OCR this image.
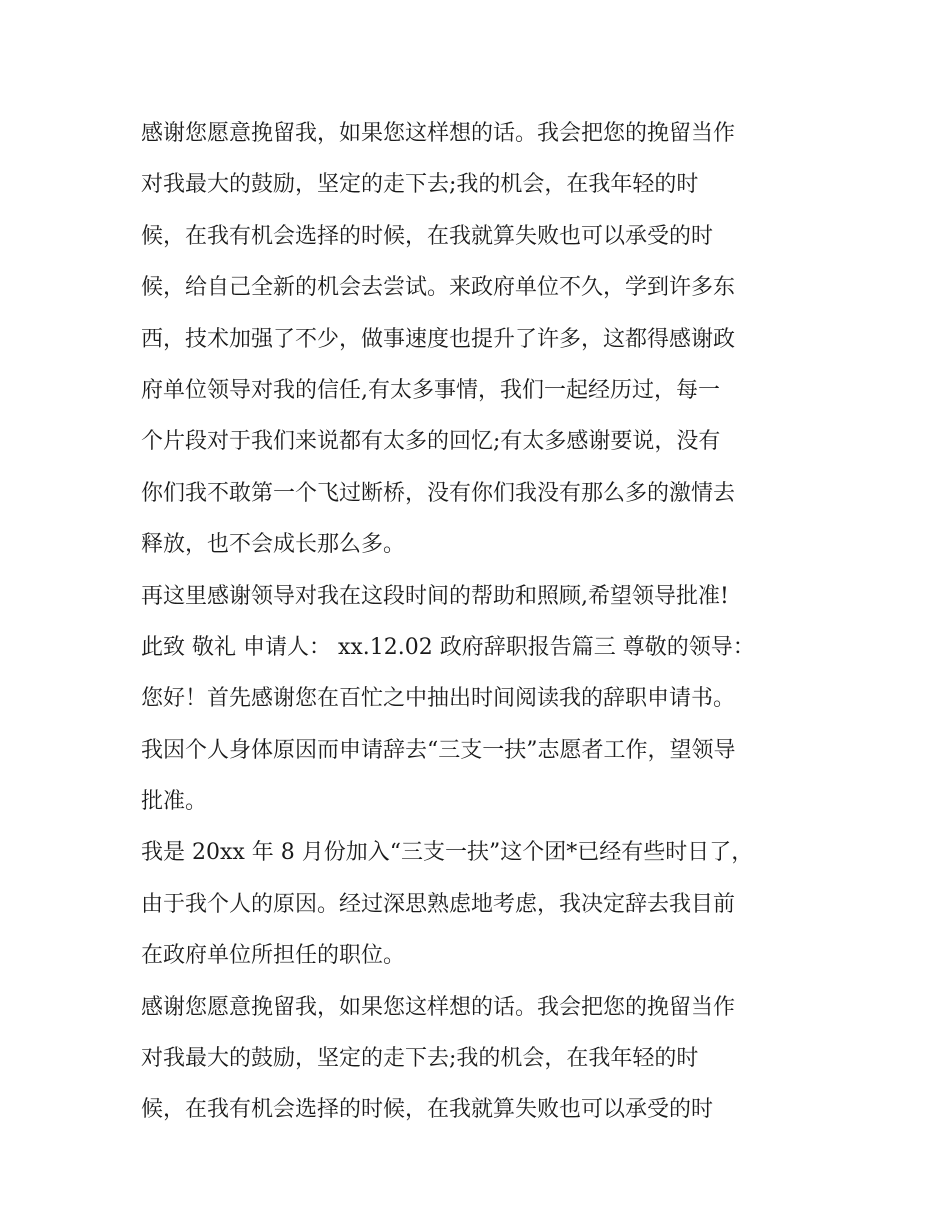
感谢您愿意挽留我，如果您这样想的话。我会把您的挽留当作
对我最大的鼓励，坚定的走下去;我的机会，在我年轻的时
候，在我有机会选择的时候，在我就算失败也可以承受的时
候，给自己全新的机会去尝试。来政府单位不久，学到许多东
西，技术加强了不少，做事速度也提升了许多，这都得感谢政
府单位领导对我的信任,有太多事情，我们一起经历过，每一
个片段对于我们来说都有太多的回忆;有太多感谢要说，没有
你们我不敢第一个飞过断桥，没有你们我没有那么多的激情去
释放，也不会成长那么多。
再这里感谢领导对我在这段时间的帮助和照顾,希望领导批准!
此致 敬礼 申请人： xx.12.02 政府辞职报告篇三 尊敬的领导：
您好！首先感谢您在百忙之中抽出时间阅读我的辞职申请书。
我因个人身体原因而申请辞去“三支一扶”志愿者工作，望领导
批准。
我是 20xx 年 8 月份加入“三支一扶”这个团*已经有些时日了，
由于我个人的原因。经过深思熟虑地考虑，我决定辞去我目前
在政府单位所担任的职位。
感谢您愿意挽留我，如果您这样想的话。我会把您的挽留当作
对我最大的鼓励，坚定的走下去;我的机会，在我年轻的时
候，在我有机会选择的时候，在我就算失败也可以承受的时
